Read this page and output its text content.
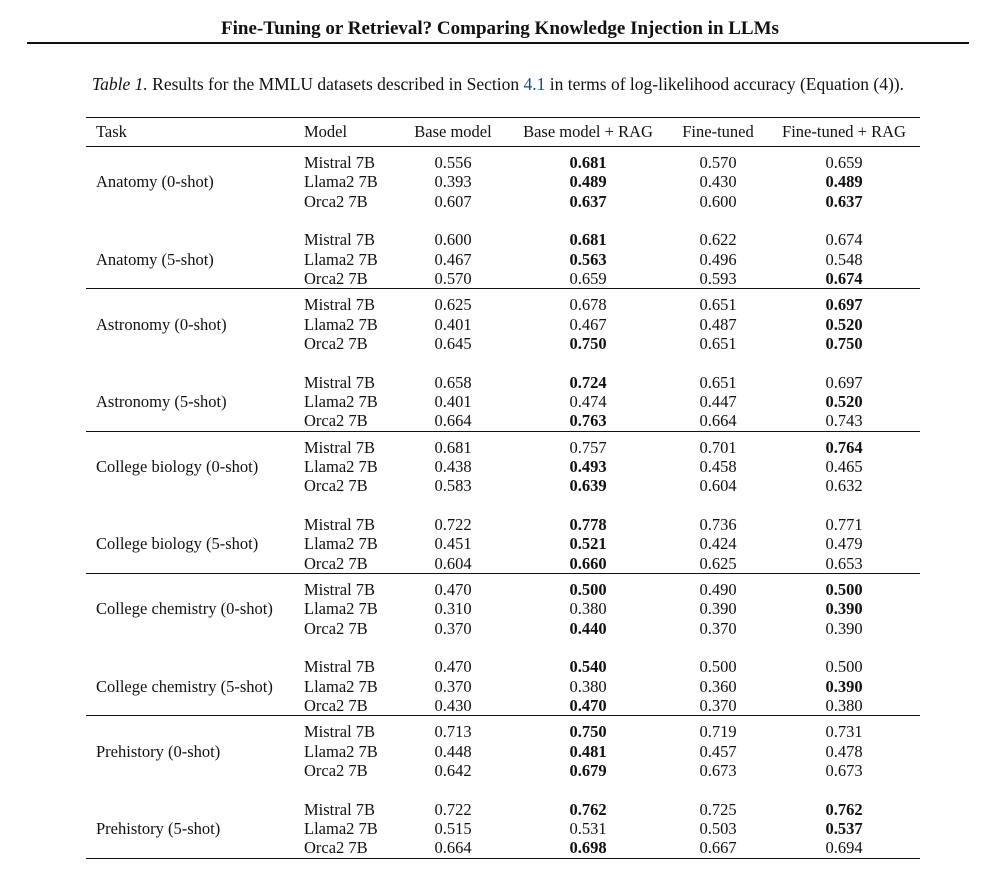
Fine-Tuning or Retrieval? Comparing Knowledge Injection in LLMs
Table 1. Results for the MMLU datasets described in Section 4.1 in terms of log-likelihood accuracy (Equation (4)).
Task	Model	Base model	Base model + RAG	Fine-tuned	Fine-tuned + RAG
	Mistral 7B	0.556	0.681	0.570	0.659
Anatomy (0-shot)	Llama2 7B	0.393	0.489	0.430	0.489
	Orca2 7B	0.607	0.637	0.600	0.637

	Mistral 7B	0.600	0.681	0.622	0.674
Anatomy (5-shot)	Llama2 7B	0.467	0.563	0.496	0.548
	Orca2 7B	0.570	0.659	0.593	0.674
	Mistral 7B	0.625	0.678	0.651	0.697
Astronomy (0-shot)	Llama2 7B	0.401	0.467	0.487	0.520
	Orca2 7B	0.645	0.750	0.651	0.750

	Mistral 7B	0.658	0.724	0.651	0.697
Astronomy (5-shot)	Llama2 7B	0.401	0.474	0.447	0.520
	Orca2 7B	0.664	0.763	0.664	0.743
	Mistral 7B	0.681	0.757	0.701	0.764
College biology (0-shot)	Llama2 7B	0.438	0.493	0.458	0.465
	Orca2 7B	0.583	0.639	0.604	0.632

	Mistral 7B	0.722	0.778	0.736	0.771
College biology (5-shot)	Llama2 7B	0.451	0.521	0.424	0.479
	Orca2 7B	0.604	0.660	0.625	0.653
	Mistral 7B	0.470	0.500	0.490	0.500
College chemistry (0-shot)	Llama2 7B	0.310	0.380	0.390	0.390
	Orca2 7B	0.370	0.440	0.370	0.390

	Mistral 7B	0.470	0.540	0.500	0.500
College chemistry (5-shot)	Llama2 7B	0.370	0.380	0.360	0.390
	Orca2 7B	0.430	0.470	0.370	0.380
	Mistral 7B	0.713	0.750	0.719	0.731
Prehistory (0-shot)	Llama2 7B	0.448	0.481	0.457	0.478
	Orca2 7B	0.642	0.679	0.673	0.673

	Mistral 7B	0.722	0.762	0.725	0.762
Prehistory (5-shot)	Llama2 7B	0.515	0.531	0.503	0.537
	Orca2 7B	0.664	0.698	0.667	0.694
